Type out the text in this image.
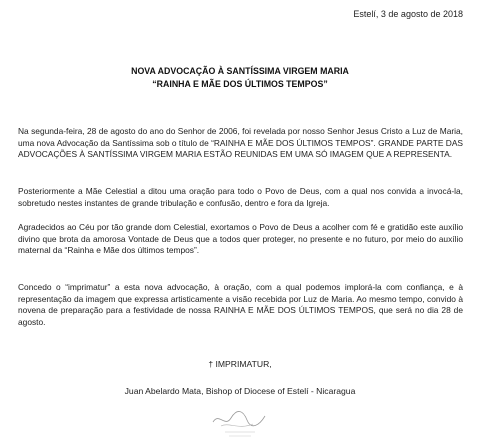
Estelí, 3 de agosto de 2018
NOVA ADVOCAÇÃO À SANTÍSSIMA VIRGEM MARIA
“RAINHA E MÃE DOS ÚLTIMOS TEMPOS”

Na segunda-feira, 28 de agosto do ano do Senhor de 2006, foi revelada por nosso Senhor Jesus Cristo a Luz de Maria, uma nova Advocação da Santíssima sob o título de “RAINHA E MÃE DOS ÚLTIMOS TEMPOS”. GRANDE PARTE DAS ADVOCAÇÕES À SANTÍSSIMA VIRGEM MARIA ESTÃO REUNIDAS EM UMA SÓ IMAGEM QUE A REPRESENTA.

Posteriormente a Mãe Celestial a ditou uma oração para todo o Povo de Deus, com a qual nos convida a invocá-la, sobretudo nestes instantes de grande tribulação e confusão, dentro e fora da Igreja.

Agradecidos ao Céu por tão grande dom Celestial, exortamos o Povo de Deus a acolher com fé e gratidão este auxílio divino que brota da amorosa Vontade de Deus que a todos quer proteger, no presente e no futuro, por meio do auxílio maternal da “Rainha e Mãe dos últimos tempos”.

Concedo o “imprimatur” a esta nova advocação, à oração, com a qual podemos implorá-la com confiança, e à representação da imagem que expressa artisticamente a visão recebida por Luz de Maria. Ao mesmo tempo, convido à novena de preparação para a festividade de nossa RAINHA E MÃE DOS ÚLTIMOS TEMPOS, que será no dia 28 de agosto.

† IMPRIMATUR,
Juan Abelardo Mata, Bishop of Diocese of Estelí - Nicaragua
